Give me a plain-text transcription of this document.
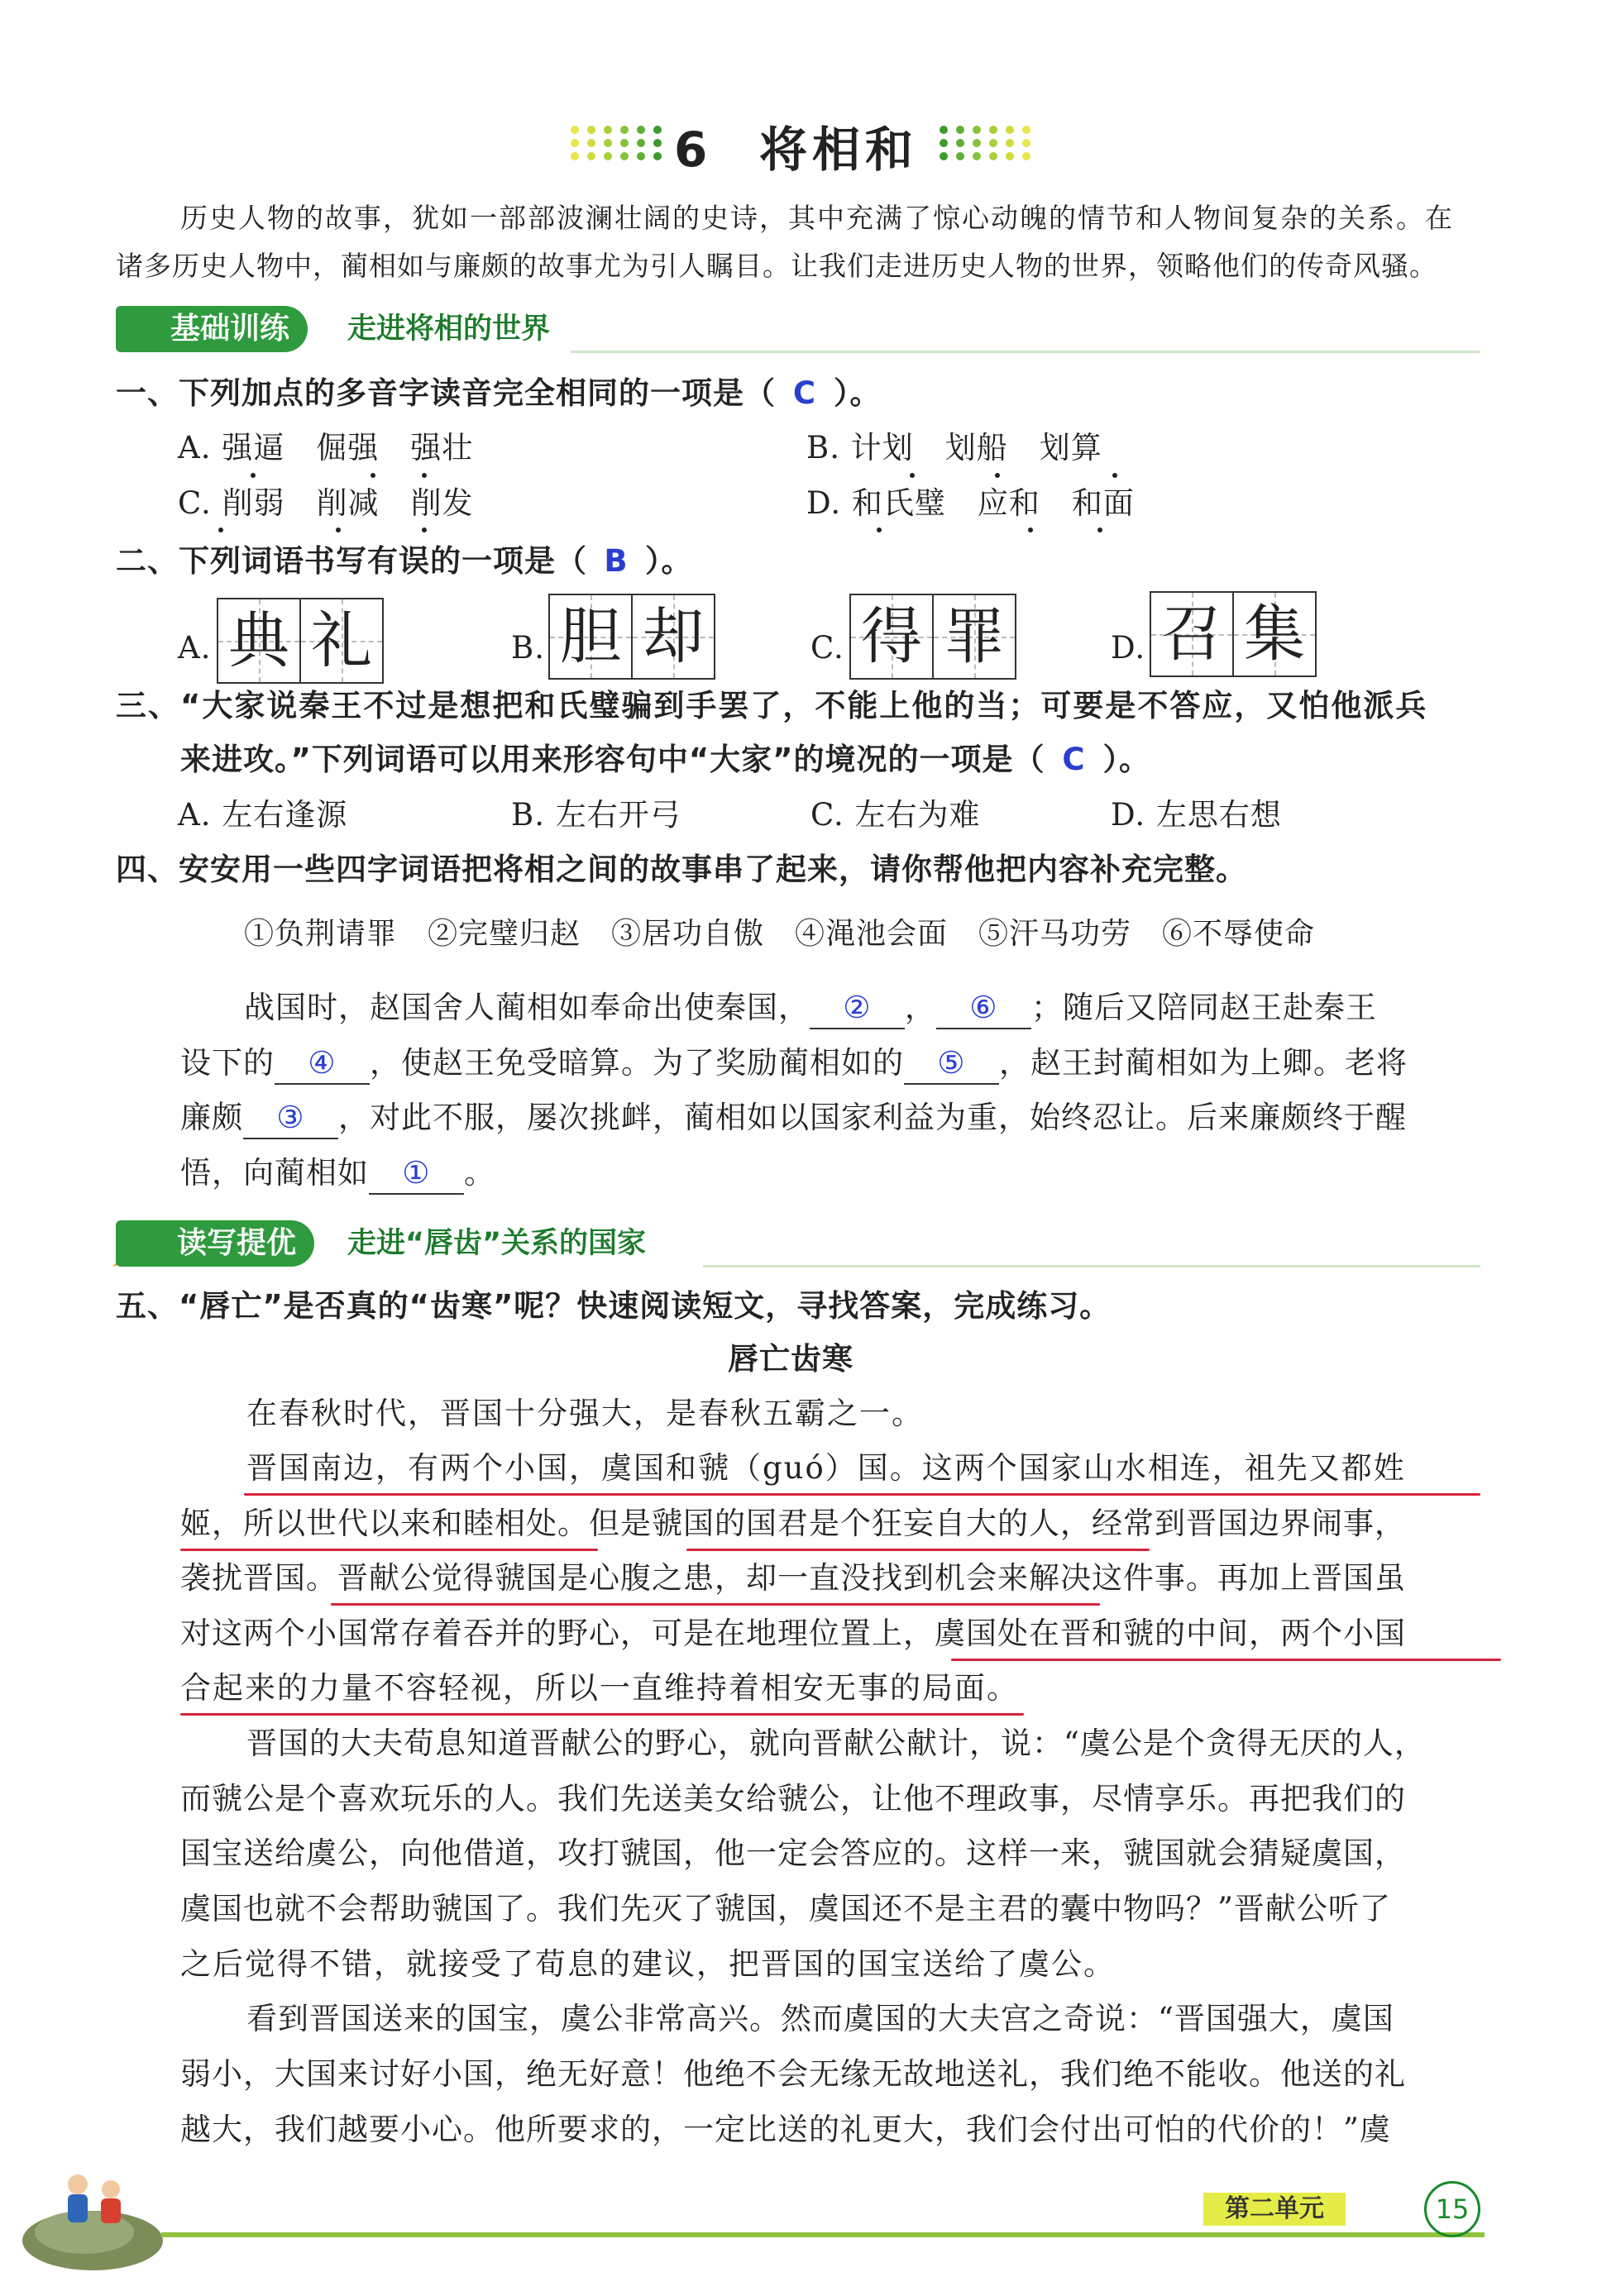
6 将相和
历史人物的故事，犹如一部部波澜壮阔的史诗，其中充满了惊心动魄的情节和人物间复杂的关系。在
诸多历史人物中，蔺相如与廉颇的故事尤为引人瞩目。让我们走进历史人物的世界，领略他们的传奇风骚。
基础训练	走进将相的世界
一、下列加点的多音字读音完全相同的一项是（ C ）。
A. 强逼　 倔强　 强壮	B. 计划　 划船　 划算
C. 削弱　 削减　 削发	D. 和氏璧　 应和　 和面
二、下列词语书写有误的一项是（ B ）。
A. 典 礼	B. 胆 却	C. 得 罪	D. 召 集
三、“大家说秦王不过是想把和氏璧骗到手罢了，不能上他的当；可要是不答应，又怕他派兵
来进攻。”下列词语可以用来形容句中“大家”的境况的一项是（ C ）。
A. 左右逢源	B. 左右开弓	C. 左右为难	D. 左思右想
四、安安用一些四字词语把将相之间的故事串了起来，请你帮他把内容补充完整。
①负荆请罪　②完璧归赵　③居功自傲　④渑池会面　⑤汗马功劳　⑥不辱使命
战国时，赵国舍人蔺相如奉命出使秦国， ② ， ⑥ ；随后又陪同赵王赴秦王
设下的 ④ ，使赵王免受暗算。为了奖励蔺相如的 ⑤ ，赵王封蔺相如为上卿。老将
廉颇 ③ ，对此不服，屡次挑衅，蔺相如以国家利益为重，始终忍让。后来廉颇终于醒
悟，向蔺相如 ① 。
读写提优	走进“唇齿”关系的国家
五、“唇亡”是否真的“齿寒”呢？快速阅读短文，寻找答案，完成练习。
唇亡齿寒
在春秋时代，晋国十分强大，是春秋五霸之一。
晋国南边，有两个小国，虞国和虢（guó）国。这两个国家山水相连，祖先又都姓
姬，所以世代以来和睦相处。但是虢国的国君是个狂妄自大的人，经常到晋国边界闹事，
袭扰晋国。晋献公觉得虢国是心腹之患，却一直没找到机会来解决这件事。再加上晋国虽
对这两个小国常存着吞并的野心，可是在地理位置上，虞国处在晋和虢的中间，两个小国
合起来的力量不容轻视，所以一直维持着相安无事的局面。
晋国的大夫荀息知道晋献公的野心，就向晋献公献计，说：“虞公是个贪得无厌的人，
而虢公是个喜欢玩乐的人。我们先送美女给虢公，让他不理政事，尽情享乐。再把我们的
国宝送给虞公，向他借道，攻打虢国，他一定会答应的。这样一来，虢国就会猜疑虞国，
虞国也就不会帮助虢国了。我们先灭了虢国，虞国还不是主君的囊中物吗？”晋献公听了
之后觉得不错，就接受了荀息的建议，把晋国的国宝送给了虞公。
看到晋国送来的国宝，虞公非常高兴。然而虞国的大夫宫之奇说：“晋国强大，虞国
弱小，大国来讨好小国，绝无好意！他绝不会无缘无故地送礼，我们绝不能收。他送的礼
越大，我们越要小心。他所要求的，一定比送的礼更大，我们会付出可怕的代价的！”虞
第二单元	15
